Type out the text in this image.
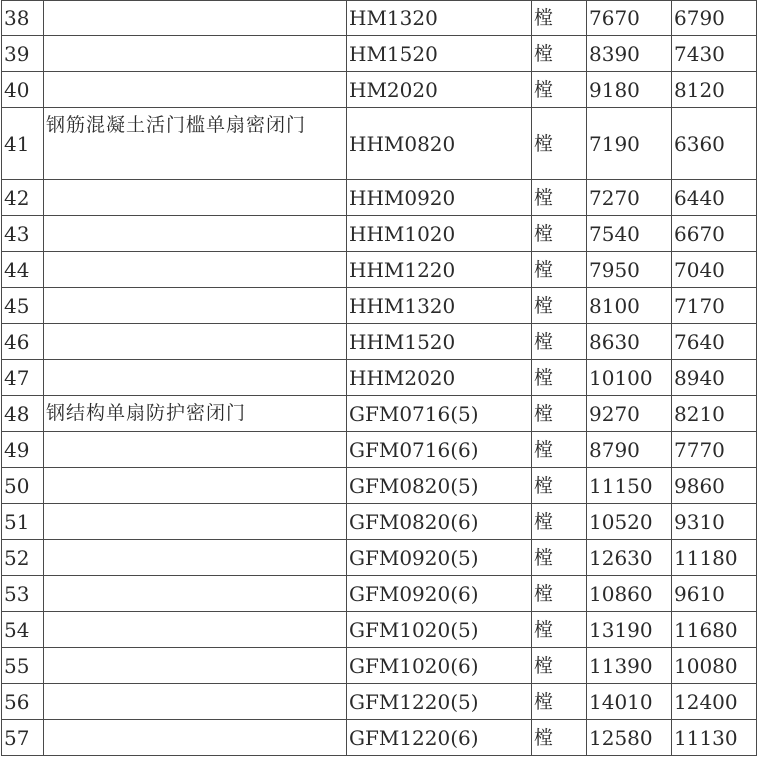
38		HM1320	樘	7670	6790
39		HM1520	樘	8390	7430
40		HM2020	樘	9180	8120
41	钢筋混凝土活门槛单扇密闭门	HHM0820	樘	7190	6360
42		HHM0920	樘	7270	6440
43		HHM1020	樘	7540	6670
44		HHM1220	樘	7950	7040
45		HHM1320	樘	8100	7170
46		HHM1520	樘	8630	7640
47		HHM2020	樘	10100	8940
48	钢结构单扇防护密闭门	GFM0716(5)	樘	9270	8210
49		GFM0716(6)	樘	8790	7770
50		GFM0820(5)	樘	11150	9860
51		GFM0820(6)	樘	10520	9310
52		GFM0920(5)	樘	12630	11180
53		GFM0920(6)	樘	10860	9610
54		GFM1020(5)	樘	13190	11680
55		GFM1020(6)	樘	11390	10080
56		GFM1220(5)	樘	14010	12400
57		GFM1220(6)	樘	12580	11130
